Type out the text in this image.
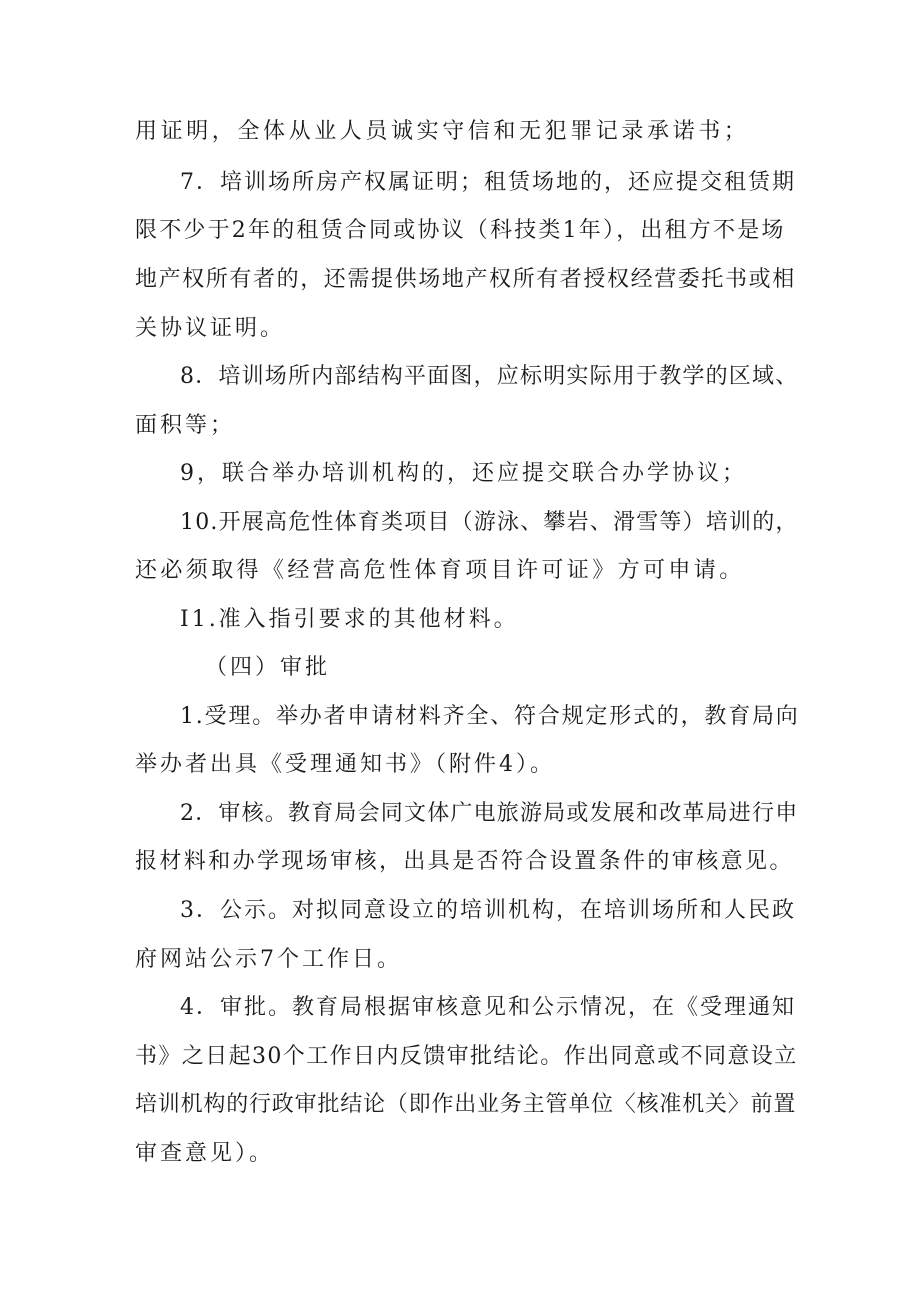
用证明，全体从业人员诚实守信和无犯罪记录承诺书；
7．培训场所房产权属证明；租赁场地的，还应提交租赁期
限不少于2年的租赁合同或协议（科技类1年），出租方不是场
地产权所有者的，还需提供场地产权所有者授权经营委托书或相
关协议证明。
8．培训场所内部结构平面图，应标明实际用于教学的区域、
面积等；
9，联合举办培训机构的，还应提交联合办学协议；
10.开展高危性体育类项目（游泳、攀岩、滑雪等）培训的，
还必须取得《经营高危性体育项目许可证》方可申请。
I1.准入指引要求的其他材料。
（四）审批
1.受理。举办者申请材料齐全、符合规定形式的，教育局向
举办者出具《受理通知书》（附件4）。
2．审核。教育局会同文体广电旅游局或发展和改革局进行申
报材料和办学现场审核，出具是否符合设置条件的审核意见。
3．公示。对拟同意设立的培训机构，在培训场所和人民政
府网站公示7个工作日。
4．审批。教育局根据审核意见和公示情况，在《受理通知
书》之日起30个工作日内反馈审批结论。作出同意或不同意设立
培训机构的行政审批结论（即作出业务主管单位〈核准机关〉前置
审查意见）。
